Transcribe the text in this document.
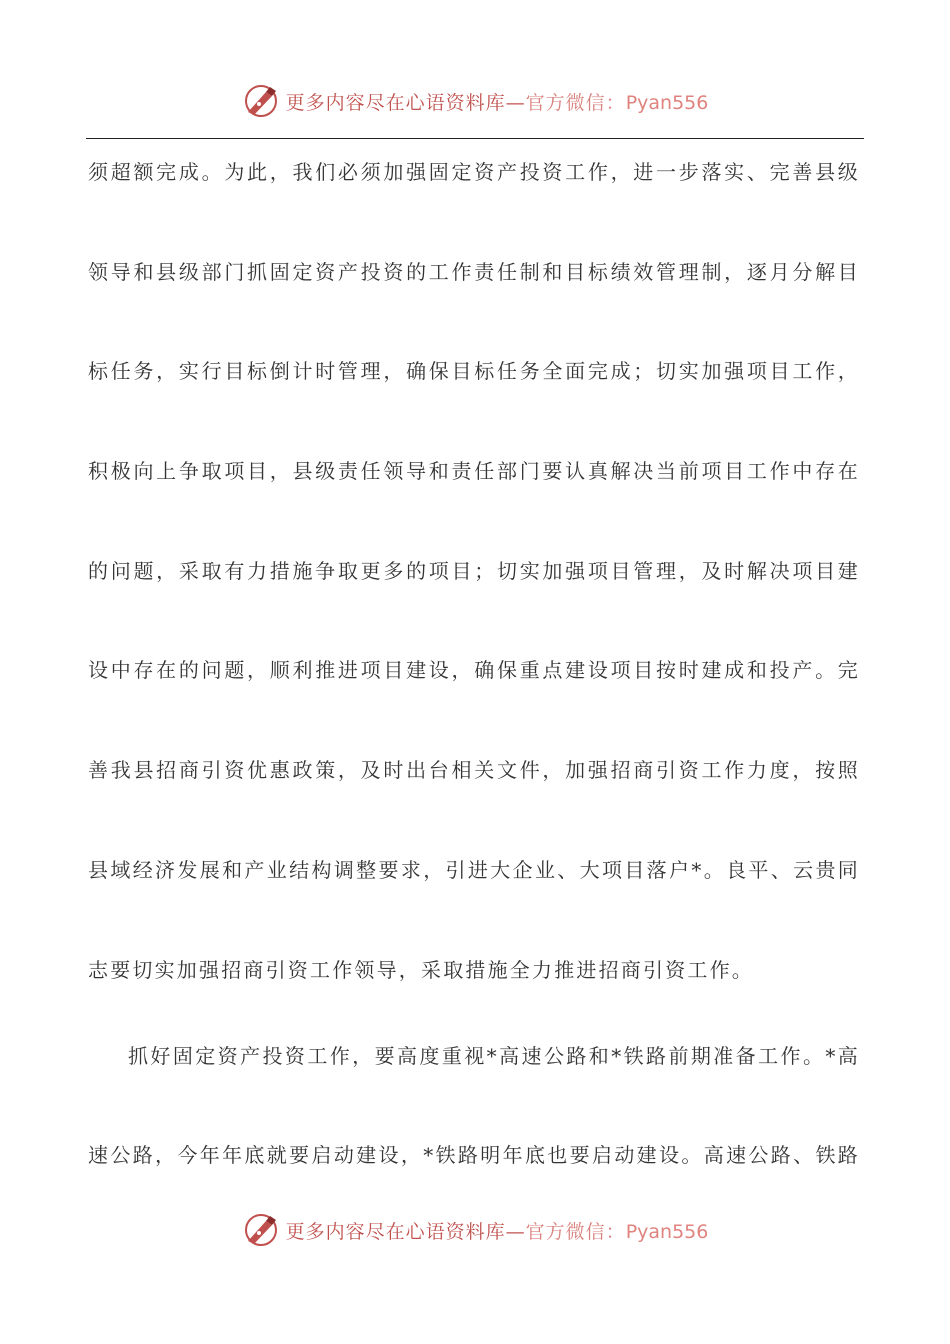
更多内容尽在心语资料库—官方微信：Pyan556
须超额完成。为此，我们必须加强固定资产投资工作，进一步落实、完善县级
领导和县级部门抓固定资产投资的工作责任制和目标绩效管理制，逐月分解目
标任务，实行目标倒计时管理，确保目标任务全面完成；切实加强项目工作，
积极向上争取项目，县级责任领导和责任部门要认真解决当前项目工作中存在
的问题，采取有力措施争取更多的项目；切实加强项目管理，及时解决项目建
设中存在的问题，顺利推进项目建设，确保重点建设项目按时建成和投产。完
善我县招商引资优惠政策，及时出台相关文件，加强招商引资工作力度，按照
县域经济发展和产业结构调整要求，引进大企业、大项目落户*。良平、云贵同
志要切实加强招商引资工作领导，采取措施全力推进招商引资工作。
抓好固定资产投资工作，要高度重视*高速公路和*铁路前期准备工作。*高
速公路，今年年底就要启动建设，*铁路明年底也要启动建设。高速公路、铁路
更多内容尽在心语资料库—官方微信：Pyan556
